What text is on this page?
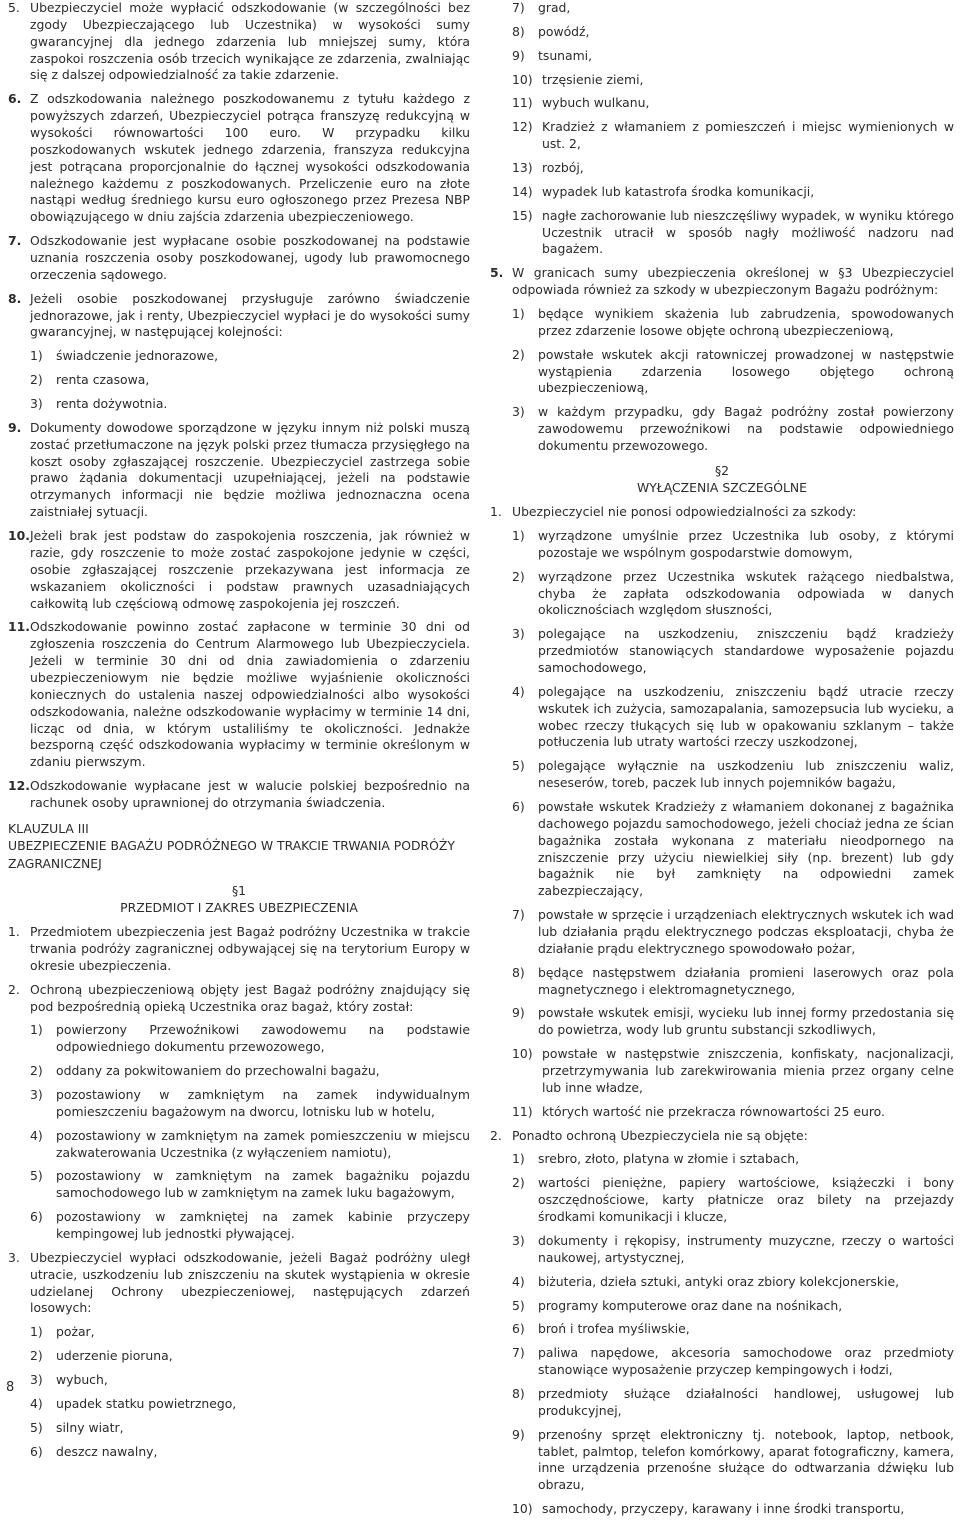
5. Ubezpieczyciel może wypłacić odszkodowanie (w szczególności bez zgody Ubezpieczającego lub Uczestnika) w wysokości sumy gwarancyjnej dla jednego zdarzenia lub mniejszej sumy, która zaspokoi roszczenia osób trzecich wynikające ze zdarzenia, zwalniając się z dalszej odpowiedzialność za takie zdarzenie.
6. Z odszkodowania należnego poszkodowanemu z tytułu każdego z powyższych zdarzeń, Ubezpieczyciel potrąca franszyzę redukcyjną w wysokości równowartości 100 euro. W przypadku kilku poszkodowanych wskutek jednego zdarzenia, franszyza redukcyjna jest potrącana proporcjonalnie do łącznej wysokości odszkodowania należnego każdemu z poszkodowanych. Przeliczenie euro na złote nastąpi według średniego kursu euro ogłoszonego przez Prezesa NBP obowiązującego w dniu zajścia zdarzenia ubezpieczeniowego.
7. Odszkodowanie jest wypłacane osobie poszkodowanej na podstawie uznania roszczenia osoby poszkodowanej, ugody lub prawomocnego orzeczenia sądowego.
8. Jeżeli osobie poszkodowanej przysługuje zarówno świadczenie jednorazowe, jak i renty, Ubezpieczyciel wypłaci je do wysokości sumy gwarancyjnej, w następującej kolejności:
1) świadczenie jednorazowe,
2) renta czasowa,
3) renta dożywotnia.
9. Dokumenty dowodowe sporządzone w języku innym niż polski muszą zostać przetłumaczone na język polski przez tłumacza przysięgłego na koszt osoby zgłaszającej roszczenie. Ubezpieczyciel zastrzega sobie prawo żądania dokumentacji uzupełniającej, jeżeli na podstawie otrzymanych informacji nie będzie możliwa jednoznaczna ocena zaistniałej sytuacji.
10. Jeżeli brak jest podstaw do zaspokojenia roszczenia, jak również w razie, gdy roszczenie to może zostać zaspokojone jedynie w części, osobie zgłaszającej roszczenie przekazywana jest informacja ze wskazaniem okoliczności i podstaw prawnych uzasadniających całkowitą lub częściową odmowę zaspokojenia jej roszczeń.
11. Odszkodowanie powinno zostać zapłacone w terminie 30 dni od zgłoszenia roszczenia do Centrum Alarmowego lub Ubezpieczyciela. Jeżeli w terminie 30 dni od dnia zawiadomienia o zdarzeniu ubezpieczeniowym nie będzie możliwe wyjaśnienie okoliczności koniecznych do ustalenia naszej odpowiedzialności albo wysokości odszkodowania, należne odszkodowanie wypłacimy w terminie 14 dni, licząc od dnia, w którym ustaliliśmy te okoliczności. Jednakże bezsporną część odszkodowania wypłacimy w terminie określonym w zdaniu pierwszym.
12. Odszkodowanie wypłacane jest w walucie polskiej bezpośrednio na rachunek osoby uprawnionej do otrzymania świadczenia.
KLAUZULA III
UBEZPIECZENIE BAGAŻU PODRÓŻNEGO W TRAKCIE TRWANIA PODRÓŻY ZAGRANICZNEJ
§1
PRZEDMIOT I ZAKRES UBEZPIECZENIA
1. Przedmiotem ubezpieczenia jest Bagaż podróżny Uczestnika w trakcie trwania podróży zagranicznej odbywającej się na terytorium Europy w okresie ubezpieczenia.
2. Ochroną ubezpieczeniową objęty jest Bagaż podróżny znajdujący się pod bezpośrednią opieką Uczestnika oraz bagaż, który został:
1) powierzony Przewoźnikowi zawodowemu na podstawie odpowiedniego dokumentu przewozowego,
2) oddany za pokwitowaniem do przechowalni bagażu,
3) pozostawiony w zamkniętym na zamek indywidualnym pomieszczeniu bagażowym na dworcu, lotnisku lub w hotelu,
4) pozostawiony w zamkniętym na zamek pomieszczeniu w miejscu zakwaterowania Uczestnika (z wyłączeniem namiotu),
5) pozostawiony w zamkniętym na zamek bagażniku pojazdu samochodowego lub w zamkniętym na zamek luku bagażowym,
6) pozostawiony w zamkniętej na zamek kabinie przyczepy kempingowej lub jednostki pływającej.
3. Ubezpieczyciel wypłaci odszkodowanie, jeżeli Bagaż podróżny uległ utracie, uszkodzeniu lub zniszczeniu na skutek wystąpienia w okresie udzielanej Ochrony ubezpieczeniowej, następujących zdarzeń losowych:
1) pożar,
2) uderzenie pioruna,
3) wybuch,
4) upadek statku powietrznego,
5) silny wiatr,
6) deszcz nawalny,
7) grad,
8) powódź,
9) tsunami,
10) trzęsienie ziemi,
11) wybuch wulkanu,
12) Kradzież z włamaniem z pomieszczeń i miejsc wymienionych w ust. 2,
13) rozbój,
14) wypadek lub katastrofa środka komunikacji,
15) nagłe zachorowanie lub nieszczęśliwy wypadek, w wyniku którego Uczestnik utracił w sposób nagły możliwość nadzoru nad bagażem.
5. W granicach sumy ubezpieczenia określonej w §3 Ubezpieczyciel odpowiada również za szkody w ubezpieczonym Bagażu podróżnym:
1) będące wynikiem skażenia lub zabrudzenia, spowodowanych przez zdarzenie losowe objęte ochroną ubezpieczeniową,
2) powstałe wskutek akcji ratowniczej prowadzonej w następstwie wystąpienia zdarzenia losowego objętego ochroną ubezpieczeniową,
3) w każdym przypadku, gdy Bagaż podróżny został powierzony zawodowemu przewoźnikowi na podstawie odpowiedniego dokumentu przewozowego.
§2
WYŁĄCZENIA SZCZEGÓLNE
1. Ubezpieczyciel nie ponosi odpowiedzialności za szkody:
1) wyrządzone umyślnie przez Uczestnika lub osoby, z którymi pozostaje we wspólnym gospodarstwie domowym,
2) wyrządzone przez Uczestnika wskutek rażącego niedbalstwa, chyba że zapłata odszkodowania odpowiada w danych okolicznościach względom słuszności,
3) polegające na uszkodzeniu, zniszczeniu bądź kradzieży przedmiotów stanowiących standardowe wyposażenie pojazdu samochodowego,
4) polegające na uszkodzeniu, zniszczeniu bądź utracie rzeczy wskutek ich zużycia, samozapalania, samozepsucia lub wycieku, a wobec rzeczy tłukących się lub w opakowaniu szklanym – także potłuczenia lub utraty wartości rzeczy uszkodzonej,
5) polegające wyłącznie na uszkodzeniu lub zniszczeniu waliz, neseserów, toreb, paczek lub innych pojemników bagażu,
6) powstałe wskutek Kradzieży z włamaniem dokonanej z bagażnika dachowego pojazdu samochodowego, jeżeli chociaż jedna ze ścian bagażnika została wykonana z materiału nieodpornego na zniszczenie przy użyciu niewielkiej siły (np. brezent) lub gdy bagażnik nie był zamknięty na odpowiedni zamek zabezpieczający,
7) powstałe w sprzęcie i urządzeniach elektrycznych wskutek ich wad lub działania prądu elektrycznego podczas eksploatacji, chyba że działanie prądu elektrycznego spowodowało pożar,
8) będące następstwem działania promieni laserowych oraz pola magnetycznego i elektromagnetycznego,
9) powstałe wskutek emisji, wycieku lub innej formy przedostania się do powietrza, wody lub gruntu substancji szkodliwych,
10) powstałe w następstwie zniszczenia, konfiskaty, nacjonalizacji, przetrzymywania lub zarekwirowania mienia przez organy celne lub inne władze,
11) których wartość nie przekracza równowartości 25 euro.
2. Ponadto ochroną Ubezpieczyciela nie są objęte:
1) srebro, złoto, platyna w złomie i sztabach,
2) wartości pieniężne, papiery wartościowe, książeczki i bony oszczędnościowe, karty płatnicze oraz bilety na przejazdy środkami komunikacji i klucze,
3) dokumenty i rękopisy, instrumenty muzyczne, rzeczy o wartości naukowej, artystycznej,
4) biżuteria, dzieła sztuki, antyki oraz zbiory kolekcjonerskie,
5) programy komputerowe oraz dane na nośnikach,
6) broń i trofea myśliwskie,
7) paliwa napędowe, akcesoria samochodowe oraz przedmioty stanowiące wyposażenie przyczep kempingowych i łodzi,
8) przedmioty służące działalności handlowej, usługowej lub produkcyjnej,
9) przenośny sprzęt elektroniczny tj. notebook, laptop, netbook, tablet, palmtop, telefon komórkowy, aparat fotograficzny, kamera, inne urządzenia przenośne służące do odtwarzania dźwięku lub obrazu,
10) samochody, przyczepy, karawany i inne środki transportu,
8
